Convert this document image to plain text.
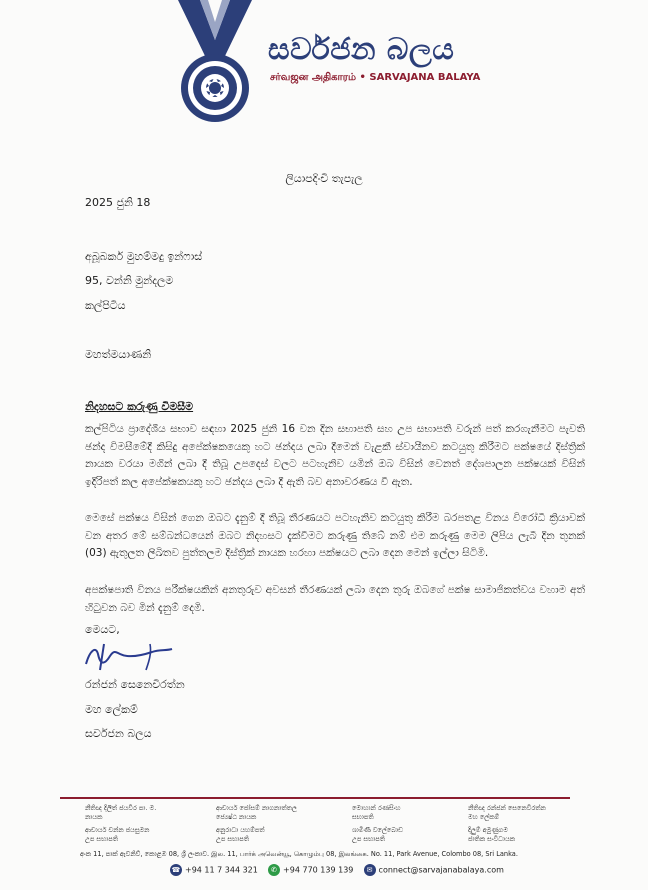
සර්වජන බලය
சர்வஜன அதிகாரம் • SARVAJANA BALAYA
ලියාපදිංචි තැපැල
2025 ජුනි 18
අබූබකර් මුහම්මදු ඉන්ෆාස්
95, වන්නි මුන්දලම
කල්පිටිය
මහත්මයාණනි
නිදහසට කරුණු විමසීම
කල්පිටිය ප්‍රාදේශීය සභාව සඳහා 2025 ජුනි 16 වන දින සභාපති සහ උප සභාපති වරුන් පත් කරගැනීමට පැවති ඡන්ද විමසීමේදී කිසිදු අපේක්ෂකයෙකු හට ඡන්දය ලබා දීමෙන් වැළකී ස්වායීනව කටයුතු කිරීමට පක්ෂයේ දිස්ත්‍රික් නායක වරයා මගින් ලබා දී තිබූ උපදෙස් වලට පටහැනිව යමින් ඔබ විසින් වෙනත් දේශපාලන පක්ෂයක් විසින් ඉදිරිපත් කල අපේක්ෂකයකු හට ඡන්දය ලබා දී ඇති බව අනාවරණය වී ඇත.
මෙසේ පක්ෂය විසින් ගෙන ඔබට දැනුම් දී තිබූ තීරණයට පටහැනිව කටයුතු කිරීම බරපතළ විනය විරෝධී ක්‍රියාවක් වන අතර මේ සම්බන්ධයෙන් ඔබට නිදහසට දැක්වීමට කරුණු තිබේ නම් එම කරුණු මෙම ලිපිය ලැබී දින තුනක් (03) ඇතුලත ලිඛිතව පුත්තලම දිස්ත්‍රික් නායක හරහා පක්ෂයට ලබා දෙන මෙන් ඉල්ලා සිටිමි.
අපක්ෂපාති විනය පරීක්ෂයකින් අනතුරුව අවසන් තීරණයක් ලබා දෙන තුරු ඔබගේ පක්ෂ සාමාජිකත්වය වහාම අත් හිටුවන බව මින් දැනුම් දෙමි.
මෙයට,
රන්ජන් සෙනෙවිරත්න
මහ ලේකම්
සර්වජන බලය
නීතිඥ දිලිත් ජයවීර පා. ම.
නායක
ආචාර්ය ජෝසම් නාගනාත්තල
ජ්‍යෙෂ්ඨ නායක
මොහාන් රණසිංහ
සභාපති
නීතිඥ රන්ජන් සෙනෙවිරත්න
මහ ලේකම්
ආචාර්ය චන්න ජයසුමන
උප සභාපති
අනුරාධා යහම්පත්
උප සභාපති
ශාමිණී වලේබොඩ
උප සභාපති
දිලුම් අමුණුගම
ජාතික සංවිධායක
අංක 11, පාක් ඇවනිව්, කොළඹ 08, ශ්‍රී ලංකාව. இல. 11, பார்க் அவென்யூ, கொழும்பு 08, இலங்கை. No. 11, Park Avenue, Colombo 08, Sri Lanka.
☎ +94 11 7 344 321 ✆ +94 770 139 139 ✉ connect@sarvajanabalaya.com
